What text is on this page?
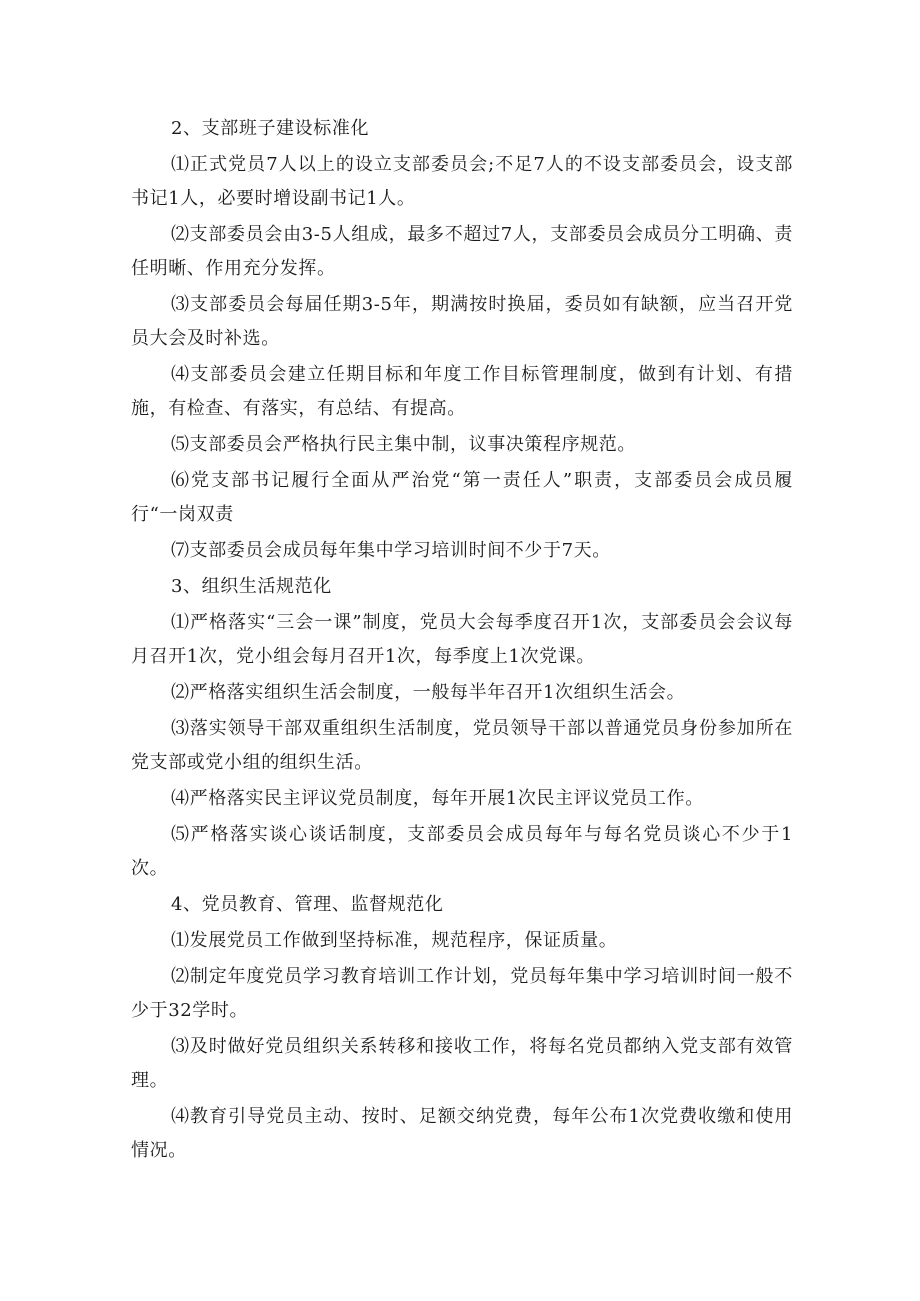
2、支部班子建设标准化

⑴正式党员7人以上的设立支部委员会;不足7人的不设支部委员会，设支部书记1人，必要时增设副书记1人。

⑵支部委员会由3-5人组成，最多不超过7人，支部委员会成员分工明确、责任明晰、作用充分发挥。

⑶支部委员会每届任期3-5年，期满按时换届，委员如有缺额，应当召开党员大会及时补选。

⑷支部委员会建立任期目标和年度工作目标管理制度，做到有计划、有措施，有检查、有落实，有总结、有提高。

⑸支部委员会严格执行民主集中制，议事决策程序规范。

⑹党支部书记履行全面从严治党“第一责任人”职责，支部委员会成员履行“一岗双责

⑺支部委员会成员每年集中学习培训时间不少于7天。

3、组织生活规范化

⑴严格落实“三会一课”制度，党员大会每季度召开1次，支部委员会会议每月召开1次，党小组会每月召开1次，每季度上1次党课。

⑵严格落实组织生活会制度，一般每半年召开1次组织生活会。

⑶落实领导干部双重组织生活制度，党员领导干部以普通党员身份参加所在党支部或党小组的组织生活。

⑷严格落实民主评议党员制度，每年开展1次民主评议党员工作。

⑸严格落实谈心谈话制度，支部委员会成员每年与每名党员谈心不少于1次。

4、党员教育、管理、监督规范化

⑴发展党员工作做到坚持标准，规范程序，保证质量。

⑵制定年度党员学习教育培训工作计划，党员每年集中学习培训时间一般不少于32学时。

⑶及时做好党员组织关系转移和接收工作，将每名党员都纳入党支部有效管理。

⑷教育引导党员主动、按时、足额交纳党费，每年公布1次党费收缴和使用情况。
